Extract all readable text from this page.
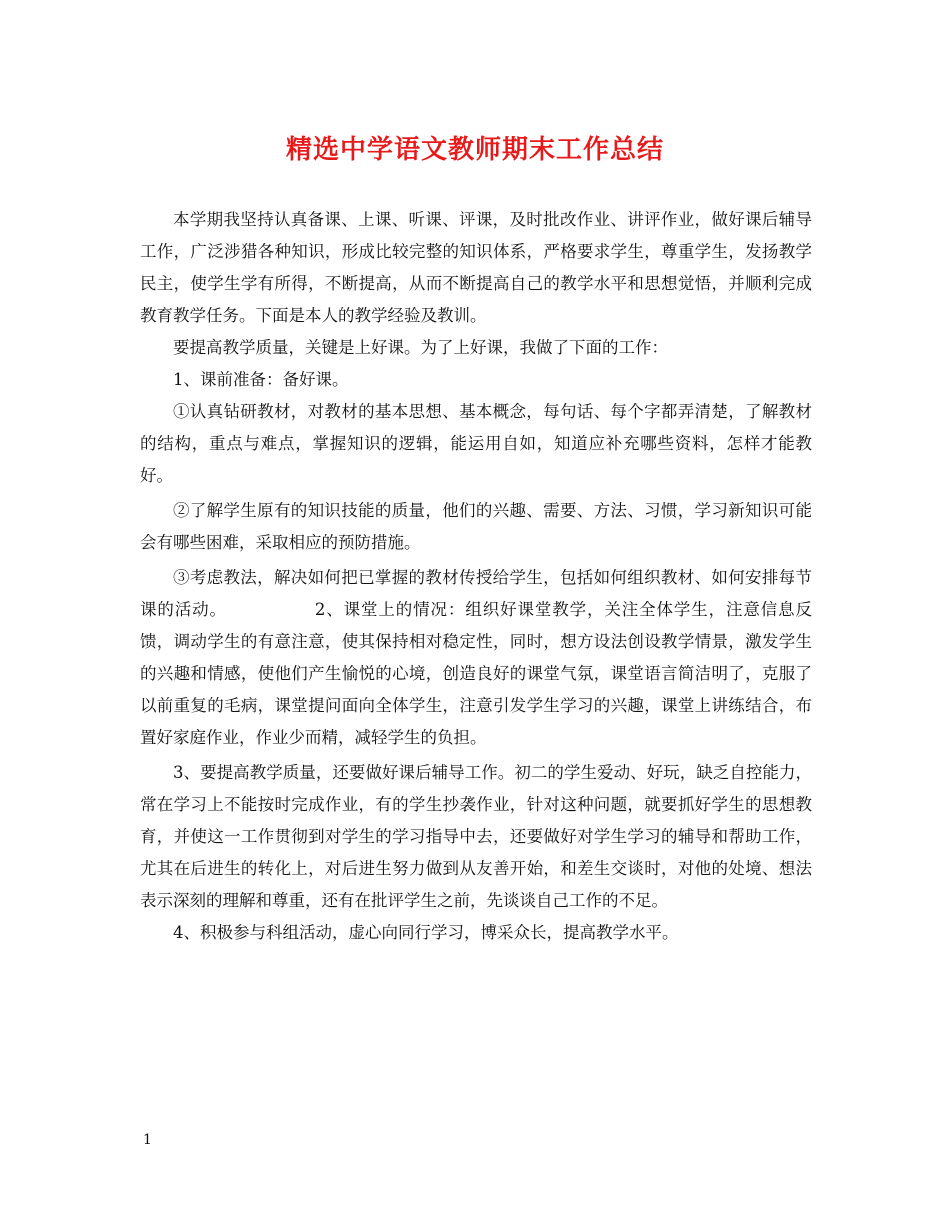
精选中学语文教师期末工作总结

本学期我坚持认真备课、上课、听课、评课，及时批改作业、讲评作业，做好课后辅导工作，广泛涉猎各种知识，形成比较完整的知识体系，严格要求学生，尊重学生，发扬教学民主，使学生学有所得，不断提高，从而不断提高自己的教学水平和思想觉悟，并顺利完成教育教学任务。下面是本人的教学经验及教训。

要提高教学质量，关键是上好课。为了上好课，我做了下面的工作：

1、课前准备：备好课。

①认真钻研教材，对教材的基本思想、基本概念，每句话、每个字都弄清楚，了解教材的结构，重点与难点，掌握知识的逻辑，能运用自如，知道应补充哪些资料，怎样才能教好。

②了解学生原有的知识技能的质量，他们的兴趣、需要、方法、习惯，学习新知识可能会有哪些困难，采取相应的预防措施。

③考虑教法，解决如何把已掌握的教材传授给学生，包括如何组织教材、如何安排每节课的活动。	2、课堂上的情况：组织好课堂教学，关注全体学生，注意信息反馈，调动学生的有意注意，使其保持相对稳定性，同时，想方设法创设教学情景，激发学生的兴趣和情感，使他们产生愉悦的心境，创造良好的课堂气氛，课堂语言简洁明了，克服了以前重复的毛病，课堂提问面向全体学生，注意引发学生学习的兴趣，课堂上讲练结合，布置好家庭作业，作业少而精，减轻学生的负担。

3、要提高教学质量，还要做好课后辅导工作。初二的学生爱动、好玩，缺乏自控能力，常在学习上不能按时完成作业，有的学生抄袭作业，针对这种问题，就要抓好学生的思想教育，并使这一工作贯彻到对学生的学习指导中去，还要做好对学生学习的辅导和帮助工作，尤其在后进生的转化上，对后进生努力做到从友善开始，和差生交谈时，对他的处境、想法表示深刻的理解和尊重，还有在批评学生之前，先谈谈自己工作的不足。

4、积极参与科组活动，虚心向同行学习，博采众长，提高教学水平。

1
